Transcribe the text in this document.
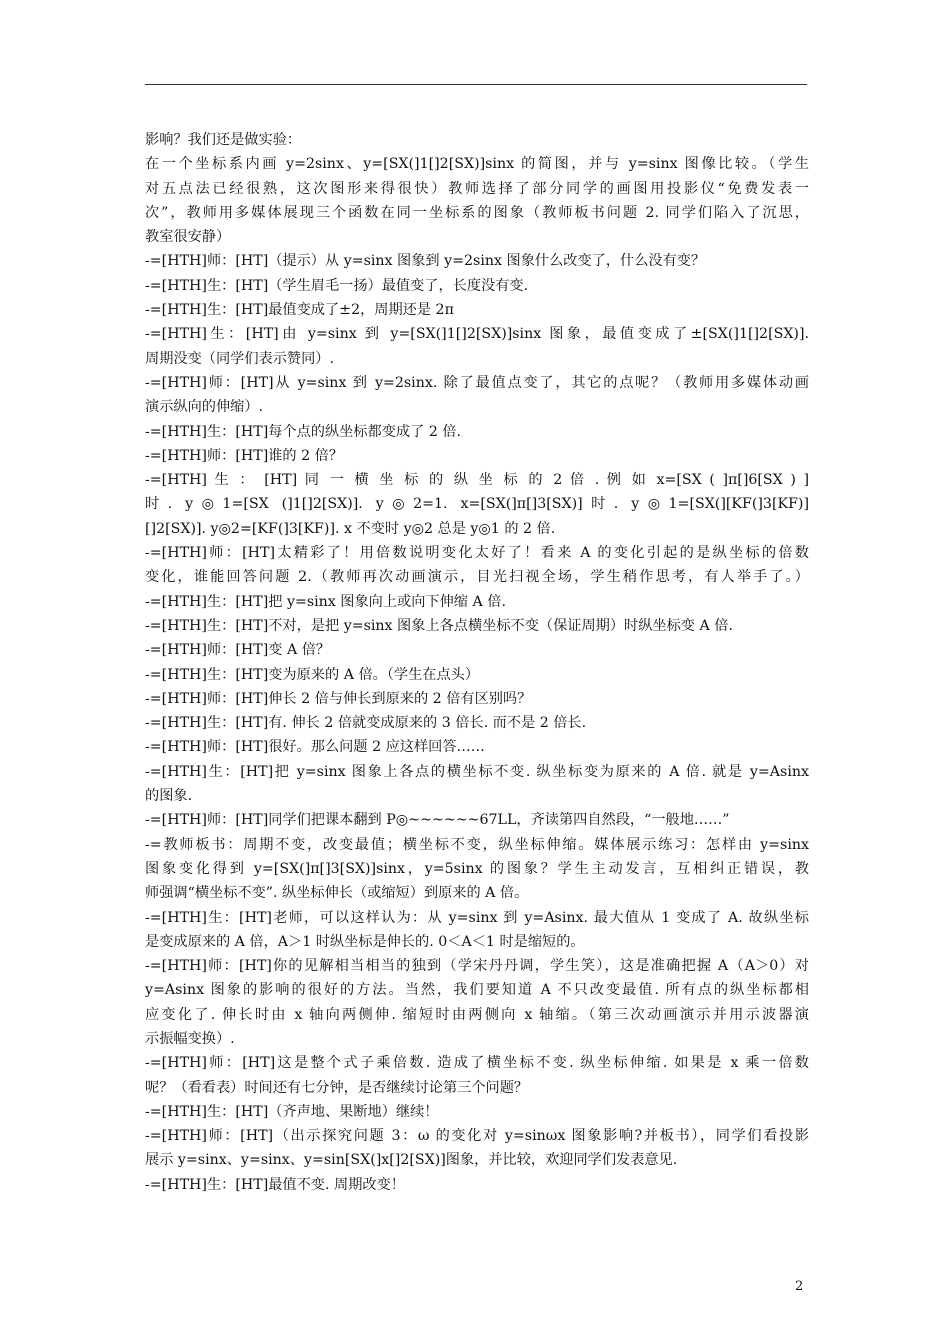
影响？我们还是做实验：
在一个坐标系内画 y=2sinx、y=[SX(]1[]2[SX)]sinx 的简图，并与 y=sinx 图像比较。（学生
对五点法已经很熟，这次图形来得很快）教师选择了部分同学的画图用投影仪“免费发表一
次”，教师用多媒体展现三个函数在同一坐标系的图象（教师板书问题 2. 同学们陷入了沉思，
教室很安静）
-=[HTH]师：[HT]（提示）从 y=sinx 图象到 y=2sinx 图象什么改变了，什么没有变？
-=[HTH]生：[HT]（学生眉毛一扬）最值变了，长度没有变.
-=[HTH]生：[HT]最值变成了±2，周期还是 2π
-=[HTH]生：[HT]由 y=sinx 到 y=[SX(]1[]2[SX)]sinx 图象，最值变成了±[SX(]1[]2[SX)].
周期没变（同学们表示赞同）.
-=[HTH]师：[HT]从 y=sinx 到 y=2sinx. 除了最值点变了，其它的点呢？（教师用多媒体动画
演示纵向的伸缩）.
-=[HTH]生：[HT]每个点的纵坐标都变成了 2 倍.
-=[HTH]师：[HT]谁的 2 倍？
-=[HTH] 生 ： [HT] 同 一 横 坐 标 的 纵 坐 标 的 2 倍 . 例 如 x=[SX ( ]π[]6[SX ) ]
时. y◎1=[SX (]1[]2[SX)]. y◎2=1. x=[SX(]π[]3[SX)]时. y◎1=[SX(][KF(]3[KF)]
[]2[SX)]. y◎2=[KF(]3[KF)]. x 不变时 y◎2 总是 y◎1 的 2 倍.
-=[HTH]师：[HT]太精彩了！用倍数说明变化太好了！看来 A 的变化引起的是纵坐标的倍数
变化，谁能回答问题 2.（教师再次动画演示，目光扫视全场，学生稍作思考，有人举手了。）
-=[HTH]生：[HT]把 y=sinx 图象向上或向下伸缩 A 倍.
-=[HTH]生：[HT]不对，是把 y=sinx 图象上各点横坐标不变（保证周期）时纵坐标变 A 倍.
-=[HTH]师：[HT]变 A 倍？
-=[HTH]生：[HT]变为原来的 A 倍。（学生在点头）
-=[HTH]师：[HT]伸长 2 倍与伸长到原来的 2 倍有区别吗？
-=[HTH]生：[HT]有. 伸长 2 倍就变成原来的 3 倍长. 而不是 2 倍长.
-=[HTH]师：[HT]很好。那么问题 2 应这样回答……
-=[HTH]生：[HT]把 y=sinx 图象上各点的横坐标不变. 纵坐标变为原来的 A 倍. 就是 y=Asinx
的图象.
-=[HTH]师：[HT]同学们把课本翻到 P◎~~~~~~67LL，齐读第四自然段，“一般地……”
-=教师板书：周期不变，改变最值；横坐标不变，纵坐标伸缩。媒体展示练习：怎样由 y=sinx
图象变化得到 y=[SX(]π[]3[SX)]sinx，y=5sinx 的图象？学生主动发言，互相纠正错误，教
师强调“横坐标不变”. 纵坐标伸长（或缩短）到原来的 A 倍。
-=[HTH]生：[HT]老师，可以这样认为：从 y=sinx 到 y=Asinx. 最大值从 1 变成了 A. 故纵坐标
是变成原来的 A 倍，A＞1 时纵坐标是伸长的. 0＜A＜1 时是缩短的。
-=[HTH]师：[HT]你的见解相当相当的独到（学宋丹丹调，学生笑），这是准确把握 A（A＞0）对
y=Asinx 图象的影响的很好的方法。当然，我们要知道 A 不只改变最值. 所有点的纵坐标都相
应变化了. 伸长时由 x 轴向两侧伸. 缩短时由两侧向 x 轴缩。（第三次动画演示并用示波器演
示振幅变换）.
-=[HTH]师：[HT]这是整个式子乘倍数. 造成了横坐标不变. 纵坐标伸缩. 如果是 x 乘一倍数
呢？（看看表）时间还有七分钟，是否继续讨论第三个问题？
-=[HTH]生：[HT]（齐声地、果断地）继续！
-=[HTH]师：[HT]（出示探究问题 3：ω 的变化对 y=sinωx 图象影响?并板书），同学们看投影
展示 y=sinx、y=sinx、y=sin[SX(]x[]2[SX)]图象，并比较，欢迎同学们发表意见.
-=[HTH]生：[HT]最值不变. 周期改变！
2
